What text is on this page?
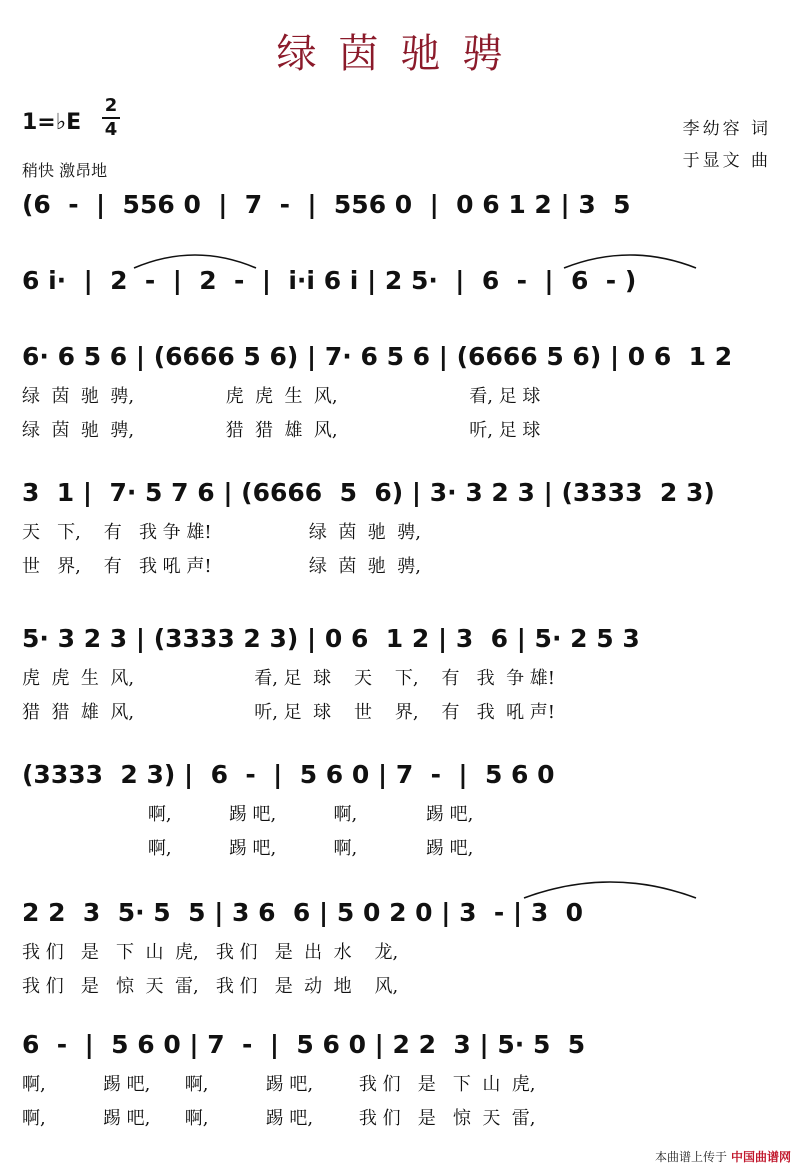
绿茵驰骋
1=♭E
2
4
稍快 激昂地
李幼容 词
于显文 曲
(6  -  |  556 0  |  7  -  |  556 0  |  0 6 1 2 | 3  5
6 i·  |  2  -  |  2  -  |  i·i 6 i | 2 5·  |  6  -  |  6  - )
6· 6 5 6 | (6666 5 6) | 7· 6 5 6 | (6666 5 6) | 0 6  1 2
绿  茵  驰  骋,                虎  虎  生  风,                       看, 足 球
绿  茵  驰  骋,                猎  猎  雄  风,                       听, 足 球
3  1 |  7· 5 7 6 | (6666  5  6) | 3· 3 2 3 | (3333  2 3)
天   下,    有   我 争 雄!                 绿  茵  驰  骋,
世   界,    有   我 吼 声!                 绿  茵  驰  骋,
5· 3 2 3 | (3333 2 3) | 0 6  1 2 | 3  6 | 5· 2 5 3
虎  虎  生  风,                     看, 足  球    天    下,    有   我  争 雄!
猎  猎  雄  风,                     听, 足  球    世    界,    有   我  吼 声!
(3333  2 3) |  6  -  |  5 6 0 | 7  -  |  5 6 0
啊,          踢 吧,          啊,            踢 吧,
啊,          踢 吧,          啊,            踢 吧,
2 2  3  5· 5  5 | 3 6  6 | 5 0 2 0 | 3  - | 3  0
我 们   是   下  山  虎,   我 们   是  出  水    龙,
我 们   是   惊  天  雷,   我 们   是  动  地    风,
6  -  |  5 6 0 | 7  -  |  5 6 0 | 2 2  3 | 5· 5  5
啊,          踢 吧,      啊,          踢 吧,        我 们   是   下  山  虎,
啊,          踢 吧,      啊,          踢 吧,        我 们   是   惊  天  雷,
本曲谱上传于 中国曲谱网
